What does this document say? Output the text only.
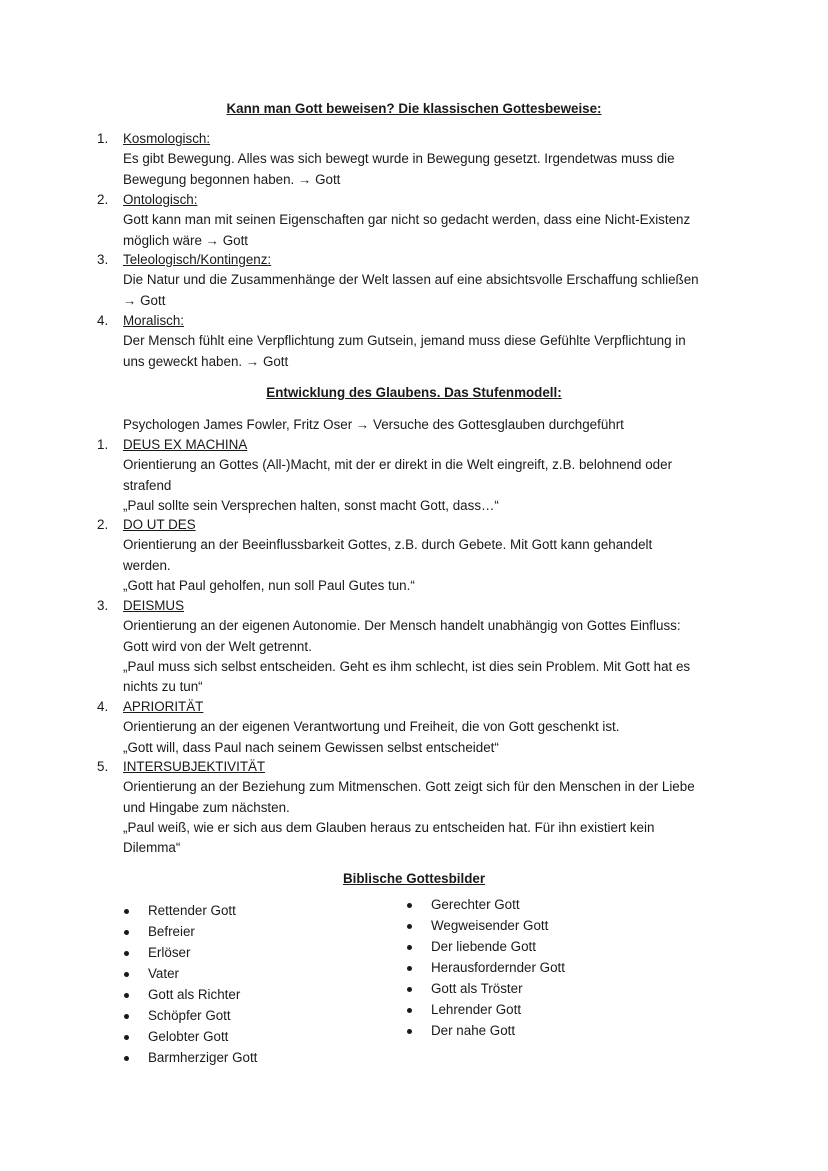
Kann man Gott beweisen? Die klassischen Gottesbeweise:
1. Kosmologisch:
Es gibt Bewegung. Alles was sich bewegt wurde in Bewegung gesetzt. Irgendetwas muss die
Bewegung begonnen haben. → Gott
2. Ontologisch:
Gott kann man mit seinen Eigenschaften gar nicht so gedacht werden, dass eine Nicht-Existenz
möglich wäre → Gott
3. Teleologisch/Kontingenz:
Die Natur und die Zusammenhänge der Welt lassen auf eine absichtsvolle Erschaffung schließen
→ Gott
4. Moralisch:
Der Mensch fühlt eine Verpflichtung zum Gutsein, jemand muss diese Gefühlte Verpflichtung in
uns geweckt haben. → Gott
Entwicklung des Glaubens. Das Stufenmodell:
Psychologen James Fowler, Fritz Oser → Versuche des Gottesglauben durchgeführt
1. DEUS EX MACHINA
Orientierung an Gottes (All-)Macht, mit der er direkt in die Welt eingreift, z.B. belohnend oder
strafend
„Paul sollte sein Versprechen halten, sonst macht Gott, dass…“
2. DO UT DES
Orientierung an der Beeinflussbarkeit Gottes, z.B. durch Gebete. Mit Gott kann gehandelt
werden.
„Gott hat Paul geholfen, nun soll Paul Gutes tun.“
3. DEISMUS
Orientierung an der eigenen Autonomie. Der Mensch handelt unabhängig von Gottes Einfluss:
Gott wird von der Welt getrennt.
„Paul muss sich selbst entscheiden. Geht es ihm schlecht, ist dies sein Problem. Mit Gott hat es
nichts zu tun“
4. APRIORITÄT
Orientierung an der eigenen Verantwortung und Freiheit, die von Gott geschenkt ist.
„Gott will, dass Paul nach seinem Gewissen selbst entscheidet“
5. INTERSUBJEKTIVITÄT
Orientierung an der Beziehung zum Mitmenschen. Gott zeigt sich für den Menschen in der Liebe
und Hingabe zum nächsten.
„Paul weiß, wie er sich aus dem Glauben heraus zu entscheiden hat. Für ihn existiert kein
Dilemma“
Biblische Gottesbilder
Rettender Gott
Befreier
Erlöser
Vater
Gott als Richter
Schöpfer Gott
Gelobter Gott
Barmherziger Gott
Gerechter Gott
Wegweisender Gott
Der liebende Gott
Herausfordernder Gott
Gott als Tröster
Lehrender Gott
Der nahe Gott
